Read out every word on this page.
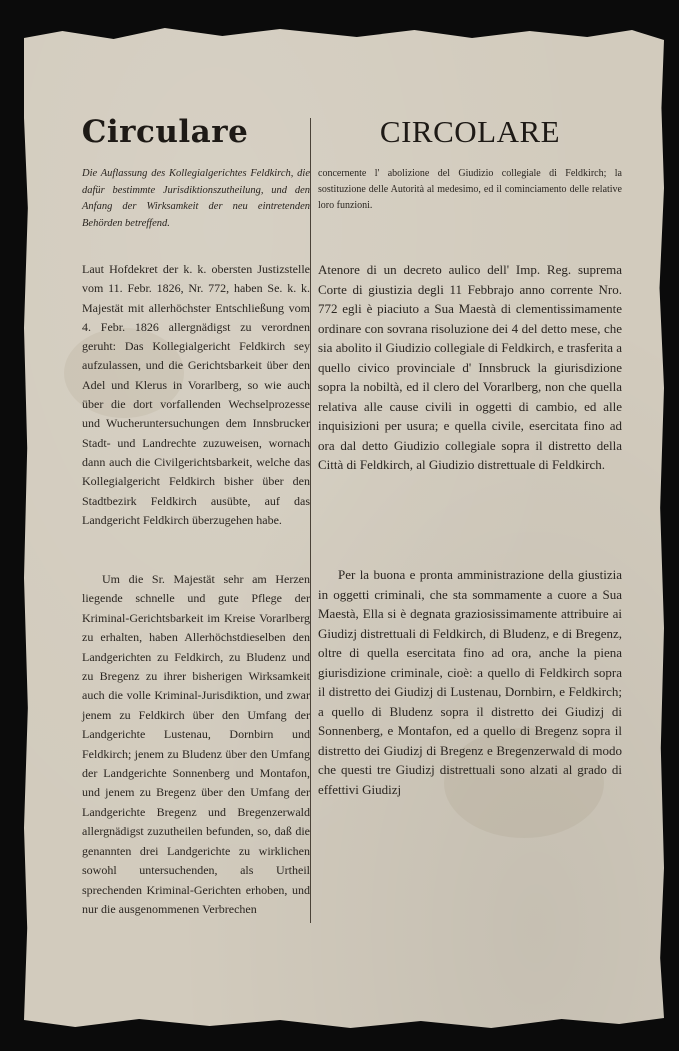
Circulare	CIRCOLARE
Die Auflassung des Kollegialgerichtes Feldkirch, die dafür bestimmte Jurisdiktionszutheilung, und den Anfang der Wirksamkeit der neu eintretenden Behörden betreffend.
Laut Hofdekret der k. k. obersten Justizstelle vom 11. Febr. 1826, Nr. 772, haben Se. k. k. Majestät mit allerhöchster Entschließung vom 4. Febr. 1826 allergnädigst zu verordnen geruht: Das Kollegialgericht Feldkirch sey aufzulassen, und die Gerichtsbarkeit über den Adel und Klerus in Vorarlberg, so wie auch über die dort vorfallenden Wechselprozesse und Wucheruntersuchungen dem Innsbrucker Stadt- und Landrechte zuzuweisen, wornach dann auch die Civilgerichtsbarkeit, welche das Kollegialgericht Feldkirch bisher über den Stadtbezirk Feldkirch ausübte, auf das Landgericht Feldkirch überzugehen habe.
Um die Sr. Majestät sehr am Herzen liegende schnelle und gute Pflege der Kriminal-Gerichtsbarkeit im Kreise Vorarlberg zu erhalten, haben Allerhöchstdieselben den Landgerichten zu Feldkirch, zu Bludenz und zu Bregenz zu ihrer bisherigen Wirksamkeit auch die volle Kriminal-Jurisdiktion, und zwar jenem zu Feldkirch über den Umfang der Landgerichte Lustenau, Dornbirn und Feldkirch; jenem zu Bludenz über den Umfang der Landgerichte Sonnenberg und Montafon, und jenem zu Bregenz über den Umfang der Landgerichte Bregenz und Bregenzerwald allergnädigst zuzutheilen befunden, so, daß die genannten drei Landgerichte zu wirklichen sowohl untersuchenden, als Urtheil sprechenden Kriminal-Gerichten erhoben, und nur die ausgenommenen Verbrechen
concernente l' abolizione del Giudizio collegiale di Feldkirch; la sostituzione delle Autorità al medesimo, ed il cominciamento delle relative loro funzioni.
Atenore di un decreto aulico dell' Imp. Reg. suprema Corte di giustizia degli 11 Febbrajo anno corrente Nro. 772 egli è piaciuto a Sua Maestà di clementissimamente ordinare con sovrana risoluzione dei 4 del detto mese, che sia abolito il Giudizio collegiale di Feldkirch, e trasferita a quello civico provinciale d' Innsbruck la giurisdizione sopra la nobiltà, ed il clero del Vorarlberg, non che quella relativa alle cause civili in oggetti di cambio, ed alle inquisizioni per usura; e quella civile, esercitata fino ad ora dal detto Giudizio collegiale sopra il distretto della Città di Feldkirch, al Giudizio distrettuale di Feldkirch.
Per la buona e pronta amministrazione della giustizia in oggetti criminali, che sta sommamente a cuore a Sua Maestà, Ella si è degnata graziosissimamente attribuire ai Giudizj distrettuali di Feldkirch, di Bludenz, e di Bregenz, oltre di quella esercitata fino ad ora, anche la piena giurisdizione criminale, cioè: a quello di Feldkirch sopra il distretto dei Giudizj di Lustenau, Dornbirn, e Feldkirch; a quello di Bludenz sopra il distretto dei Giudizj di Sonnenberg, e Montafon, ed a quello di Bregenz sopra il distretto dei Giudizj di Bregenz e Bregenzerwald di modo che questi tre Giudizj distrettuali sono alzati al grado di effettivi Giudizj
